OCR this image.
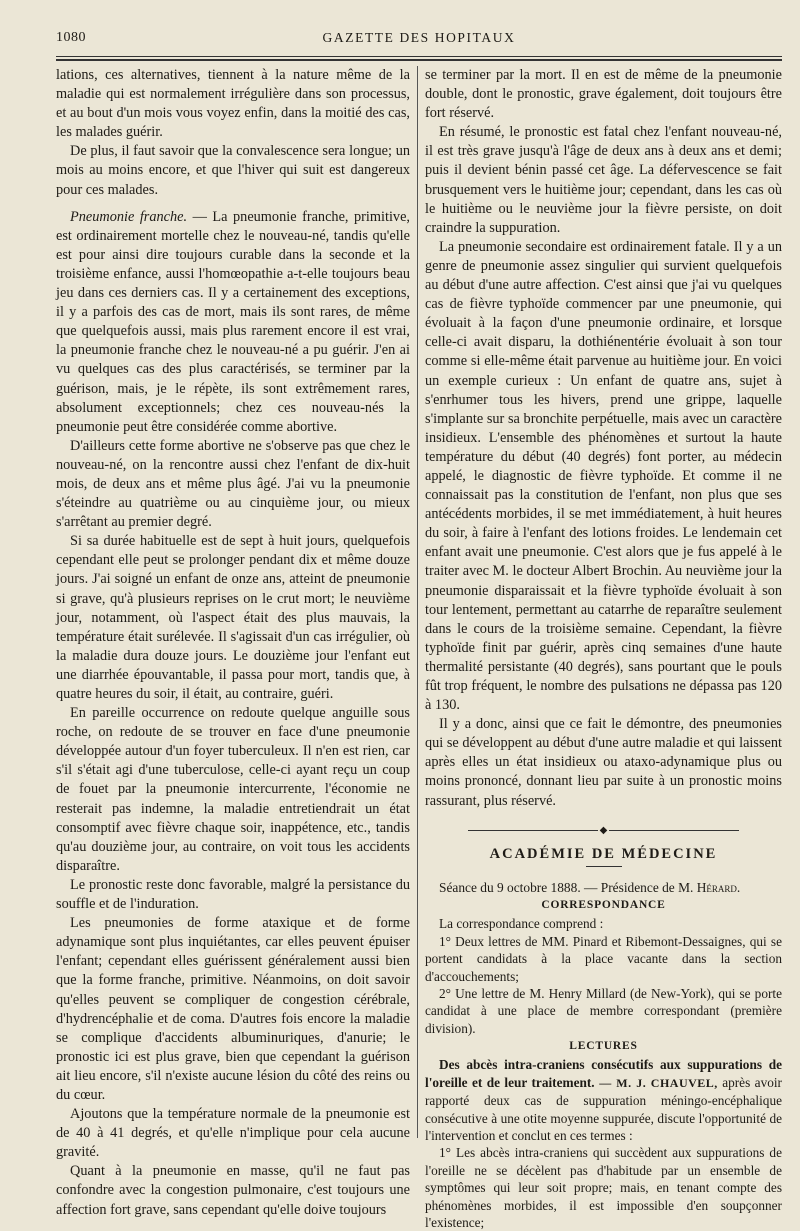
1080	GAZETTE DES HOPITAUX

lations, ces alternatives, tiennent à la nature même de la maladie qui est normalement irrégulière dans son processus, et au bout d'un mois vous voyez enfin, dans la moitié des cas, les malades guérir.

De plus, il faut savoir que la convalescence sera longue; un mois au moins encore, et que l'hiver qui suit est dangereux pour ces malades.

Pneumonie franche. — La pneumonie franche, primitive, est ordinairement mortelle chez le nouveau-né, tandis qu'elle est pour ainsi dire toujours curable dans la seconde et la troisième enfance, aussi l'homœopathie a-t-elle toujours beau jeu dans ces derniers cas. Il y a certainement des exceptions, il y a parfois des cas de mort, mais ils sont rares, de même que quelquefois aussi, mais plus rarement encore il est vrai, la pneumonie franche chez le nouveau-né a pu guérir. J'en ai vu quelques cas des plus caractérisés, se terminer par la guérison, mais, je le répète, ils sont extrêmement rares, absolument exceptionnels; chez ces nouveau-nés la pneumonie peut être considérée comme abortive.

D'ailleurs cette forme abortive ne s'observe pas que chez le nouveau-né, on la rencontre aussi chez l'enfant de dix-huit mois, de deux ans et même plus âgé. J'ai vu la pneumonie s'éteindre au quatrième ou au cinquième jour, ou mieux s'arrêtant au premier degré.

Si sa durée habituelle est de sept à huit jours, quelquefois cependant elle peut se prolonger pendant dix et même douze jours. J'ai soigné un enfant de onze ans, atteint de pneumonie si grave, qu'à plusieurs reprises on le crut mort; le neuvième jour, notamment, où l'aspect était des plus mauvais, la température était surélevée. Il s'agissait d'un cas irrégulier, où la maladie dura douze jours. Le douzième jour l'enfant eut une diarrhée épouvantable, il passa pour mort, tandis que, à quatre heures du soir, il était, au contraire, guéri.

En pareille occurrence on redoute quelque anguille sous roche, on redoute de se trouver en face d'une pneumonie développée autour d'un foyer tuberculeux. Il n'en est rien, car s'il s'était agi d'une tuberculose, celle-ci ayant reçu un coup de fouet par la pneumonie intercurrente, l'économie ne resterait pas indemne, la maladie entretiendrait un état consomptif avec fièvre chaque soir, inappétence, etc., tandis qu'au douzième jour, au contraire, on voit tous les accidents disparaître.

Le pronostic reste donc favorable, malgré la persistance du souffle et de l'induration.

Les pneumonies de forme ataxique et de forme adynamique sont plus inquiétantes, car elles peuvent épuiser l'enfant; cependant elles guérissent généralement aussi bien que la forme franche, primitive. Néanmoins, on doit savoir qu'elles peuvent se compliquer de congestion cérébrale, d'hydrencéphalie et de coma. D'autres fois encore la maladie se complique d'accidents albuminuriques, d'anurie; le pronostic ici est plus grave, bien que cependant la guérison ait lieu encore, s'il n'existe aucune lésion du côté des reins ou du cœur.

Ajoutons que la température normale de la pneumonie est de 40 à 41 degrés, et qu'elle n'implique pour cela aucune gravité.

Quant à la pneumonie en masse, qu'il ne faut pas confondre avec la congestion pulmonaire, c'est toujours une affection fort grave, sans cependant qu'elle doive toujours

se terminer par la mort. Il en est de même de la pneumonie double, dont le pronostic, grave également, doit toujours être fort réservé.

En résumé, le pronostic est fatal chez l'enfant nouveau-né, il est très grave jusqu'à l'âge de deux ans à deux ans et demi; puis il devient bénin passé cet âge. La défervescence se fait brusquement vers le huitième jour; cependant, dans les cas où le huitième ou le neuvième jour la fièvre persiste, on doit craindre la suppuration.

La pneumonie secondaire est ordinairement fatale. Il y a un genre de pneumonie assez singulier qui survient quelquefois au début d'une autre affection. C'est ainsi que j'ai vu quelques cas de fièvre typhoïde commencer par une pneumonie, qui évoluait à la façon d'une pneumonie ordinaire, et lorsque celle-ci avait disparu, la dothiénentérie évoluait à son tour comme si elle-même était parvenue au huitième jour. En voici un exemple curieux : Un enfant de quatre ans, sujet à s'enrhumer tous les hivers, prend une grippe, laquelle s'implante sur sa bronchite perpétuelle, mais avec un caractère insidieux. L'ensemble des phénomènes et surtout la haute température du début (40 degrés) font porter, au médecin appelé, le diagnostic de fièvre typhoïde. Et comme il ne connaissait pas la constitution de l'enfant, non plus que ses antécédents morbides, il se met immédiatement, à huit heures du soir, à faire à l'enfant des lotions froides. Le lendemain cet enfant avait une pneumonie. C'est alors que je fus appelé à le traiter avec M. le docteur Albert Brochin. Au neuvième jour la pneumonie disparaissait et la fièvre typhoïde évoluait à son tour lentement, permettant au catarrhe de reparaître seulement dans le cours de la troisième semaine. Cependant, la fièvre typhoïde finit par guérir, après cinq semaines d'une haute thermalité persistante (40 degrés), sans pourtant que le pouls fût trop fréquent, le nombre des pulsations ne dépassa pas 120 à 130.

Il y a donc, ainsi que ce fait le démontre, des pneumonies qui se développent au début d'une autre maladie et qui laissent après elles un état insidieux ou ataxo-adynamique plus ou moins prononcé, donnant lieu par suite à un pronostic moins rassurant, plus réservé.

◆

ACADÉMIE DE MÉDECINE

Séance du 9 octobre 1888. — Présidence de M. Hérard.

CORRESPONDANCE

La correspondance comprend :

1° Deux lettres de MM. Pinard et Ribemont-Dessaignes, qui se portent candidats à la place vacante dans la section d'accouchements;

2° Une lettre de M. Henry Millard (de New-York), qui se porte candidat à une place de membre correspondant (première division).

LECTURES

Des abcès intra-craniens consécutifs aux suppurations de l'oreille et de leur traitement. — M. J. CHAUVEL, après avoir rapporté deux cas de suppuration méningo-encéphalique consécutive à une otite moyenne suppurée, discute l'opportunité de l'intervention et conclut en ces termes :

1° Les abcès intra-craniens qui succèdent aux suppurations de l'oreille ne se décèlent pas d'habitude par un ensemble de symptômes qui leur soit propre; mais, en tenant compte des phénomènes morbides, il est impossible d'en soupçonner l'existence;
